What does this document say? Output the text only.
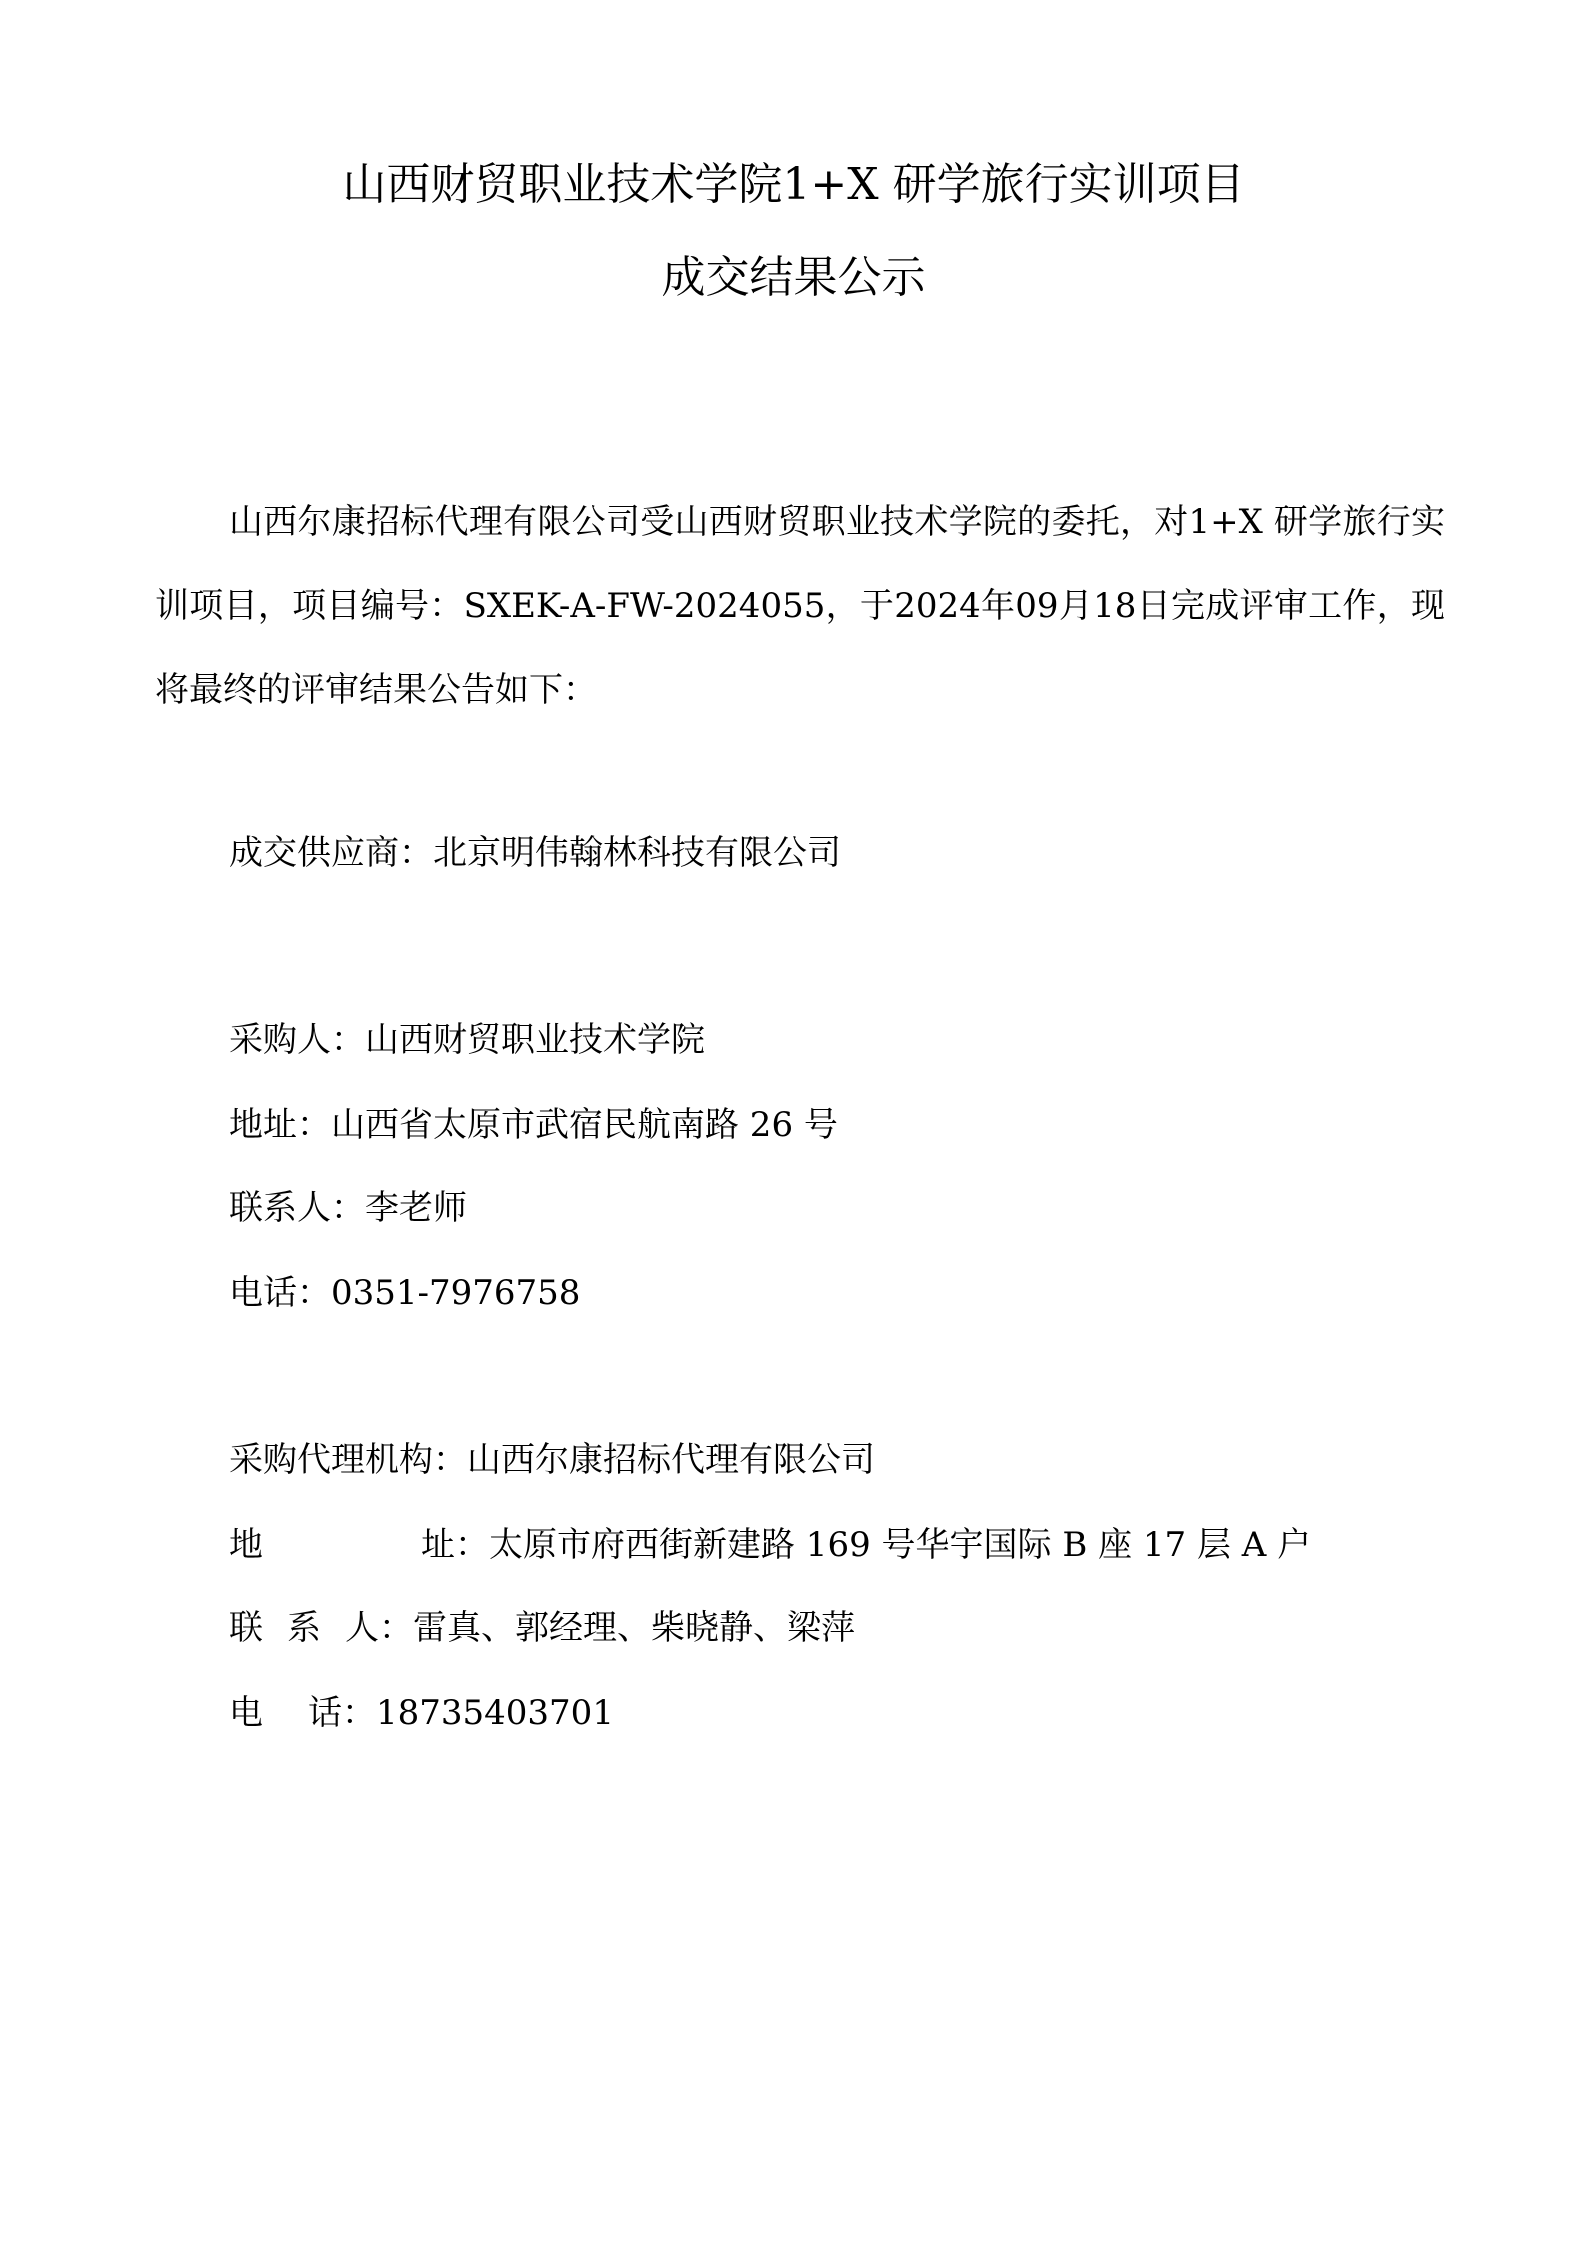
山西财贸职业技术学院1+X 研学旅行实训项目
成交结果公示

山西尔康招标代理有限公司受山西财贸职业技术学院的委托，对1+X 研学旅行实训项目，项目编号：SXEK-A-FW-2024055，于2024年09月18日完成评审工作，现将最终的评审结果公告如下：

成交供应商：北京明伟翰林科技有限公司

采购人：山西财贸职业技术学院

地址：山西省太原市武宿民航南路 26 号

联系人：李老师

电话：0351-7976758

采购代理机构：山西尔康招标代理有限公司

地 址：太原市府西街新建路 169 号华宇国际 B 座 17 层 A 户

联 系 人：雷真、郭经理、柴晓静、梁萍

电 话：18735403701
